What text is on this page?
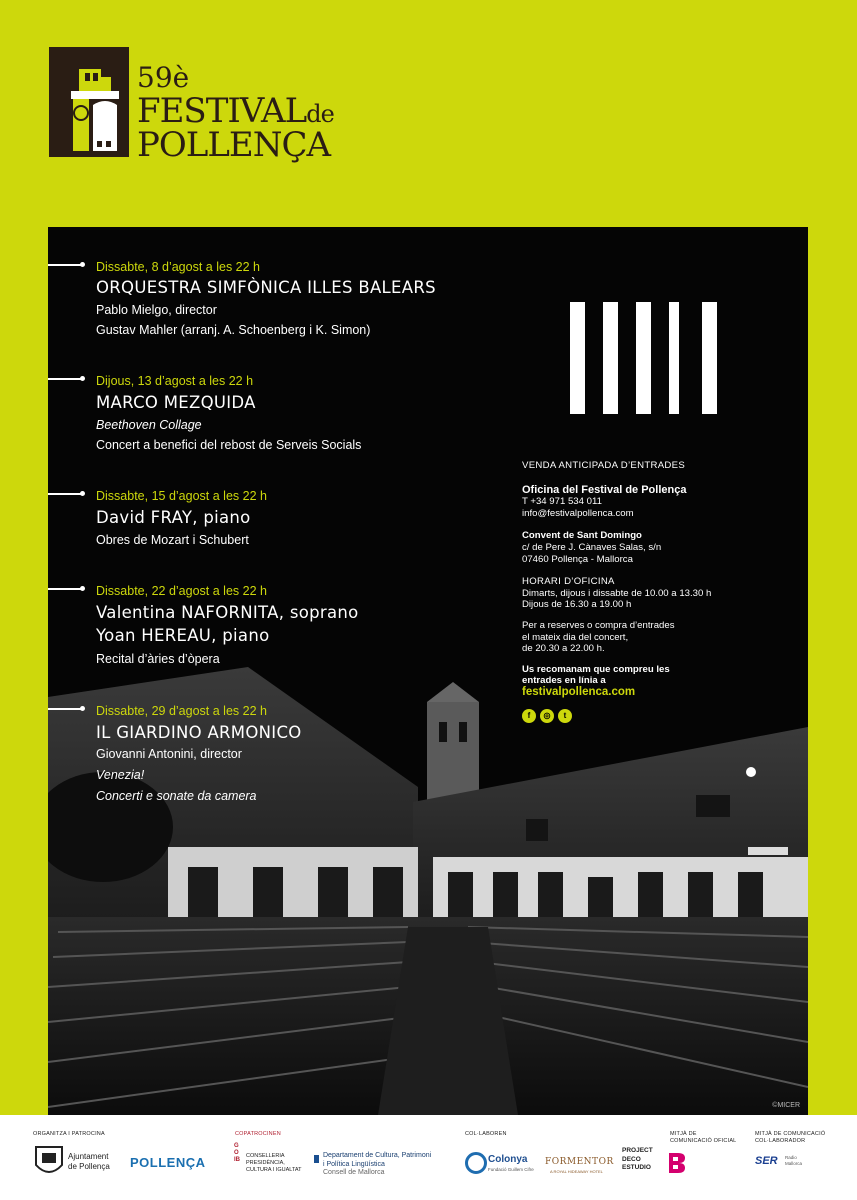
59è
FESTIVALde
POLLENÇA
Dissabte, 8 d’agost a les 22 h
ORQUESTRA SIMFÒNICA ILLES BALEARS
Pablo Mielgo, director
Gustav Mahler (arranj. A. Schoenberg i K. Simon)
Dijous, 13 d’agost a les 22 h
MARCO MEZQUIDA
Beethoven Collage
Concert a benefici del rebost de Serveis Socials
Dissabte, 15 d’agost a les 22 h
David FRAY, piano
Obres de Mozart i Schubert
Dissabte, 22 d’agost a les 22 h
Valentina NAFORNITA, soprano
Yoan HEREAU, piano
Recital d’àries d’òpera
Dissabte, 29 d’agost a les 22 h
IL GIARDINO ARMONICO
Giovanni Antonini, director
Venezia!
Concerti e sonate da camera
VENDA ANTICIPADA D’ENTRADES
Oficina del Festival de Pollença
T +34 971 534 011
info@festivalpollenca.com
Convent de Sant Domingo
c/ de Pere J. Cànaves Salas, s/n
07460 Pollença - Mallorca
HORARI D’OFICINA
Dimarts, dijous i dissabte de 10.00 a 13.30 h
Dijous de 16.30 a 19.00 h
Per a reserves o compra d’entrades
el mateix dia del concert,
de 20.30 a 22.00 h.
Us recomanam que compreu les
entrades en línia a
festivalpollenca.com
f	◎	t
©MICER
ORGANITZA I PATROCINA
Ajuntament
de Pollença POLLENÇA
COPATROCINEN
GOIB
CONSELLERIA
PRESIDÈNCIA,
CULTURA I IGUALTAT
Departament de Cultura, Patrimoni
i Política Lingüística
Consell de Mallorca
COL·LABOREN
Colonya
Fundació Guillem Cifre
FORMENTOR
A ROYAL HIDEAWAY HOTEL
PROJECT
DECO
ESTUDIO
MITJÀ DE
COMUNICACIÓ OFICIAL
MITJÀ DE COMUNICACIÓ
COL·LABORADOR
SER Radio
Mallorca
